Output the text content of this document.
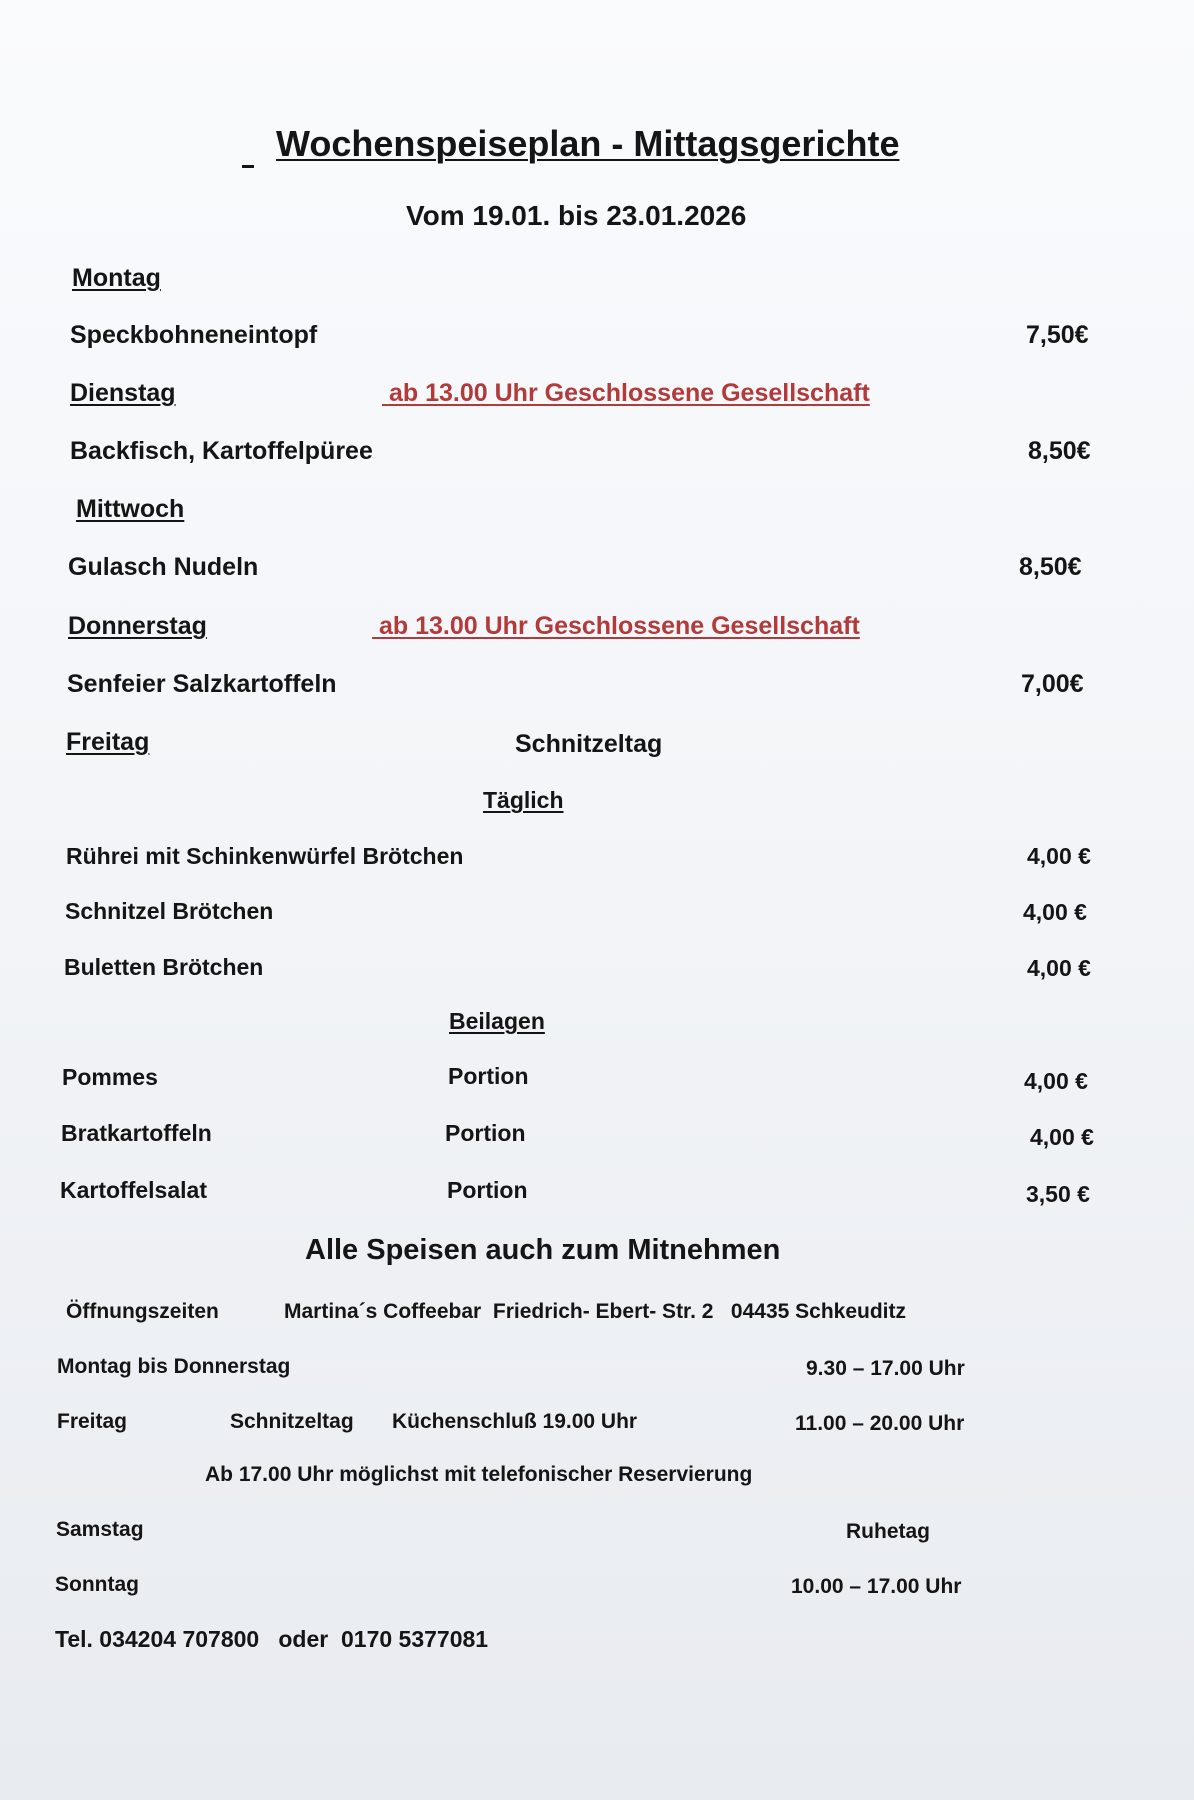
Wochenspeiseplan - Mittagsgerichte
Vom 19.01. bis 23.01.2026
Montag
Speckbohneneintopf	7,50€
Dienstag	ab 13.00 Uhr Geschlossene Gesellschaft
Backfisch, Kartoffelpüree	8,50€
Mittwoch
Gulasch Nudeln	8,50€
Donnerstag	ab 13.00 Uhr Geschlossene Gesellschaft
Senfeier Salzkartoffeln	7,00€
Freitag	Schnitzeltag
Täglich
Rührei mit Schinkenwürfel Brötchen	4,00 €
Schnitzel Brötchen	4,00 €
Buletten Brötchen	4,00 €
Beilagen
Pommes	Portion	4,00 €
Bratkartoffeln	Portion	4,00 €
Kartoffelsalat	Portion	3,50 €
Alle Speisen auch zum Mitnehmen
Öffnungszeiten	Martina´s Coffeebar  Friedrich- Ebert- Str. 2   04435 Schkeuditz
Montag bis Donnerstag	9.30 – 17.00 Uhr
Freitag	Schnitzeltag Küchenschluß 19.00 Uhr	11.00 – 20.00 Uhr
Ab 17.00 Uhr möglichst mit telefonischer Reservierung
Samstag	Ruhetag
Sonntag	10.00 – 17.00 Uhr
Tel. 034204 707800   oder  0170 5377081
